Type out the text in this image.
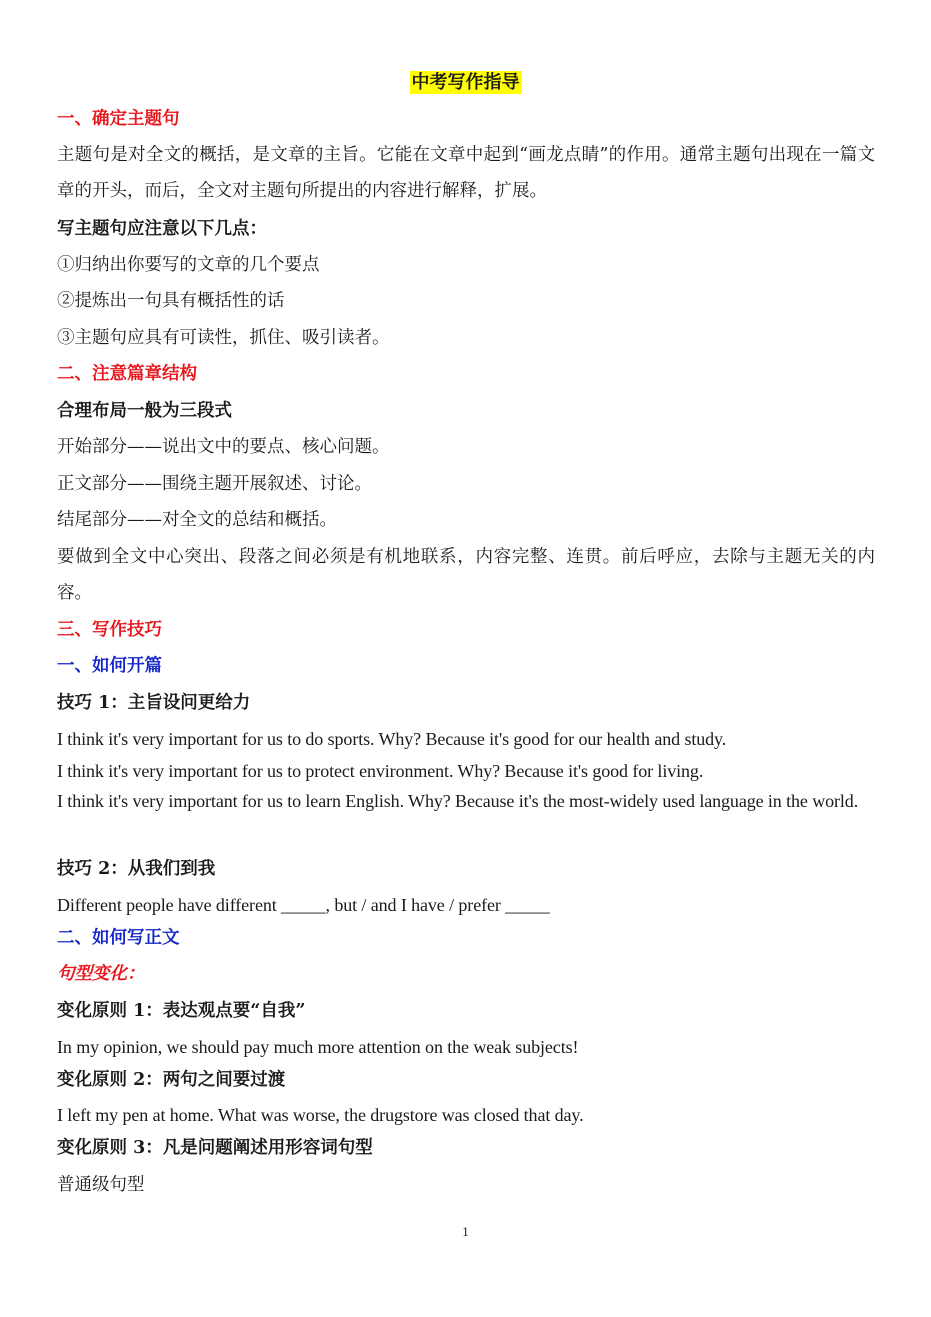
中考写作指导

一、确定主题句

主题句是对全文的概括，是文章的主旨。它能在文章中起到“画龙点睛”的作用。通常主题句出现在一篇文章的开头，而后，全文对主题句所提出的内容进行解释，扩展。

写主题句应注意以下几点：

①归纳出你要写的文章的几个要点

②提炼出一句具有概括性的话

③主题句应具有可读性，抓住、吸引读者。

二、注意篇章结构

合理布局一般为三段式

开始部分——说出文中的要点、核心问题。

正文部分——围绕主题开展叙述、讨论。

结尾部分——对全文的总结和概括。

要做到全文中心突出、段落之间必须是有机地联系，内容完整、连贯。前后呼应，去除与主题无关的内容。

三、写作技巧

一、如何开篇

技巧 1：主旨设问更给力

I think it's very important for us to do sports. Why? Because it's good for our health and study.

I think it's very important for us to protect environment. Why? Because it's good for living.

I think it's very important for us to learn English. Why? Because it's the most-widely used language in the world.

技巧 2：从我们到我

Different people have different _____, but / and I have / prefer _____

二、如何写正文

句型变化：

变化原则 1：表达观点要“自我”

In my opinion, we should pay much more attention on the weak subjects!

变化原则 2：两句之间要过渡

I left my pen at home. What was worse, the drugstore was closed that day.

变化原则 3：凡是问题阐述用形容词句型

普通级句型

1
